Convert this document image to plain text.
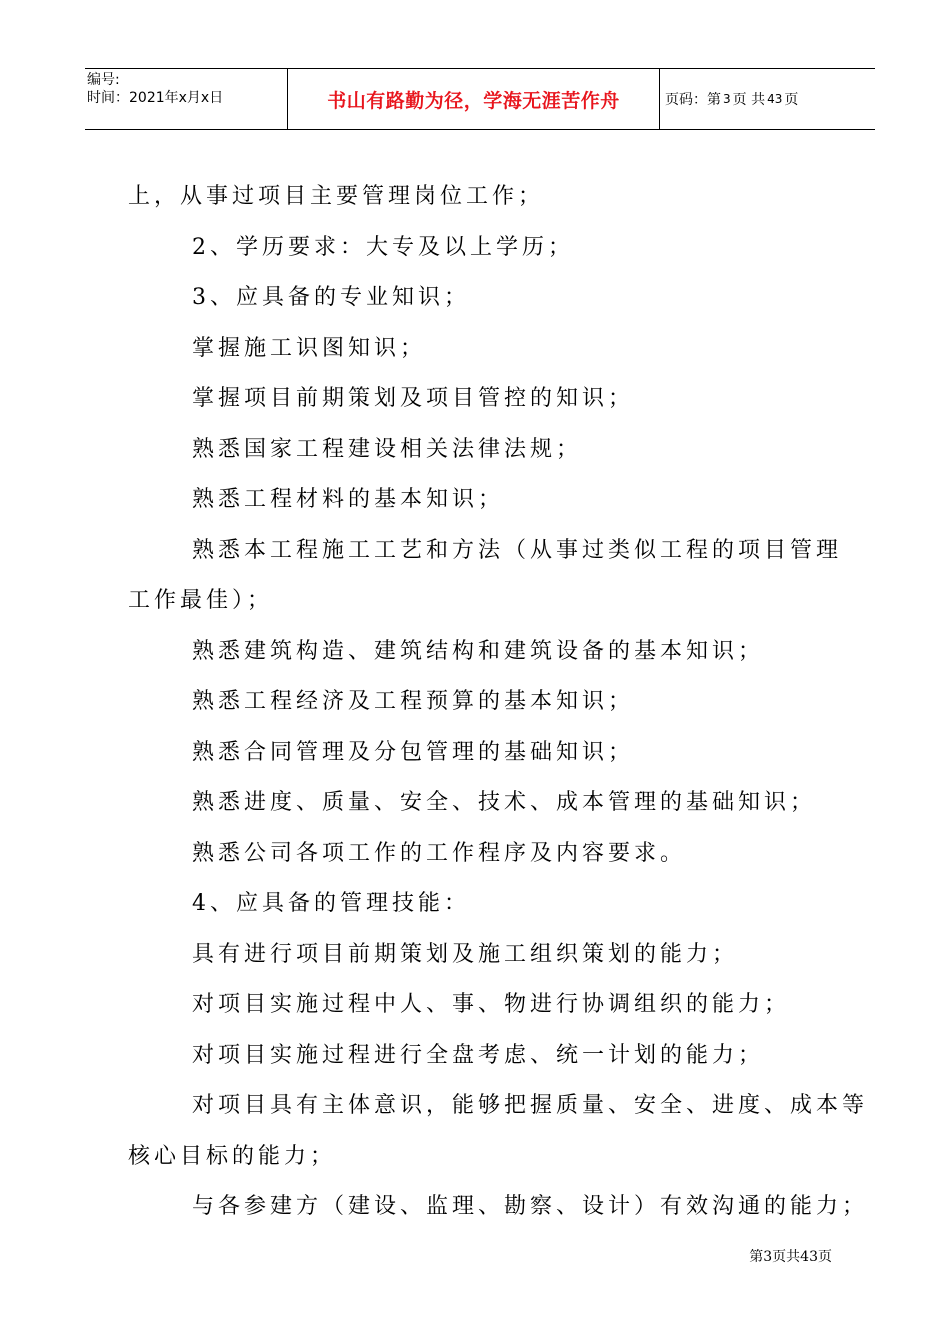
编号:
时间：2021年x月x日	书山有路勤为径，学海无涯苦作舟	页码：第 3 页 共 43 页
上，从事过项目主要管理岗位工作；
2、学历要求：大专及以上学历；
3、应具备的专业知识；
掌握施工识图知识；
掌握项目前期策划及项目管控的知识；
熟悉国家工程建设相关法律法规；
熟悉工程材料的基本知识；
熟悉本工程施工工艺和方法（从事过类似工程的项目管理
工作最佳）；
熟悉建筑构造、建筑结构和建筑设备的基本知识；
熟悉工程经济及工程预算的基本知识；
熟悉合同管理及分包管理的基础知识；
熟悉进度、质量、安全、技术、成本管理的基础知识；
熟悉公司各项工作的工作程序及内容要求。
4、应具备的管理技能：
具有进行项目前期策划及施工组织策划的能力；
对项目实施过程中人、事、物进行协调组织的能力；
对项目实施过程进行全盘考虑、统一计划的能力；
对项目具有主体意识，能够把握质量、安全、进度、成本等
核心目标的能力；
与各参建方（建设、监理、勘察、设计）有效沟通的能力；
第3页共43页
